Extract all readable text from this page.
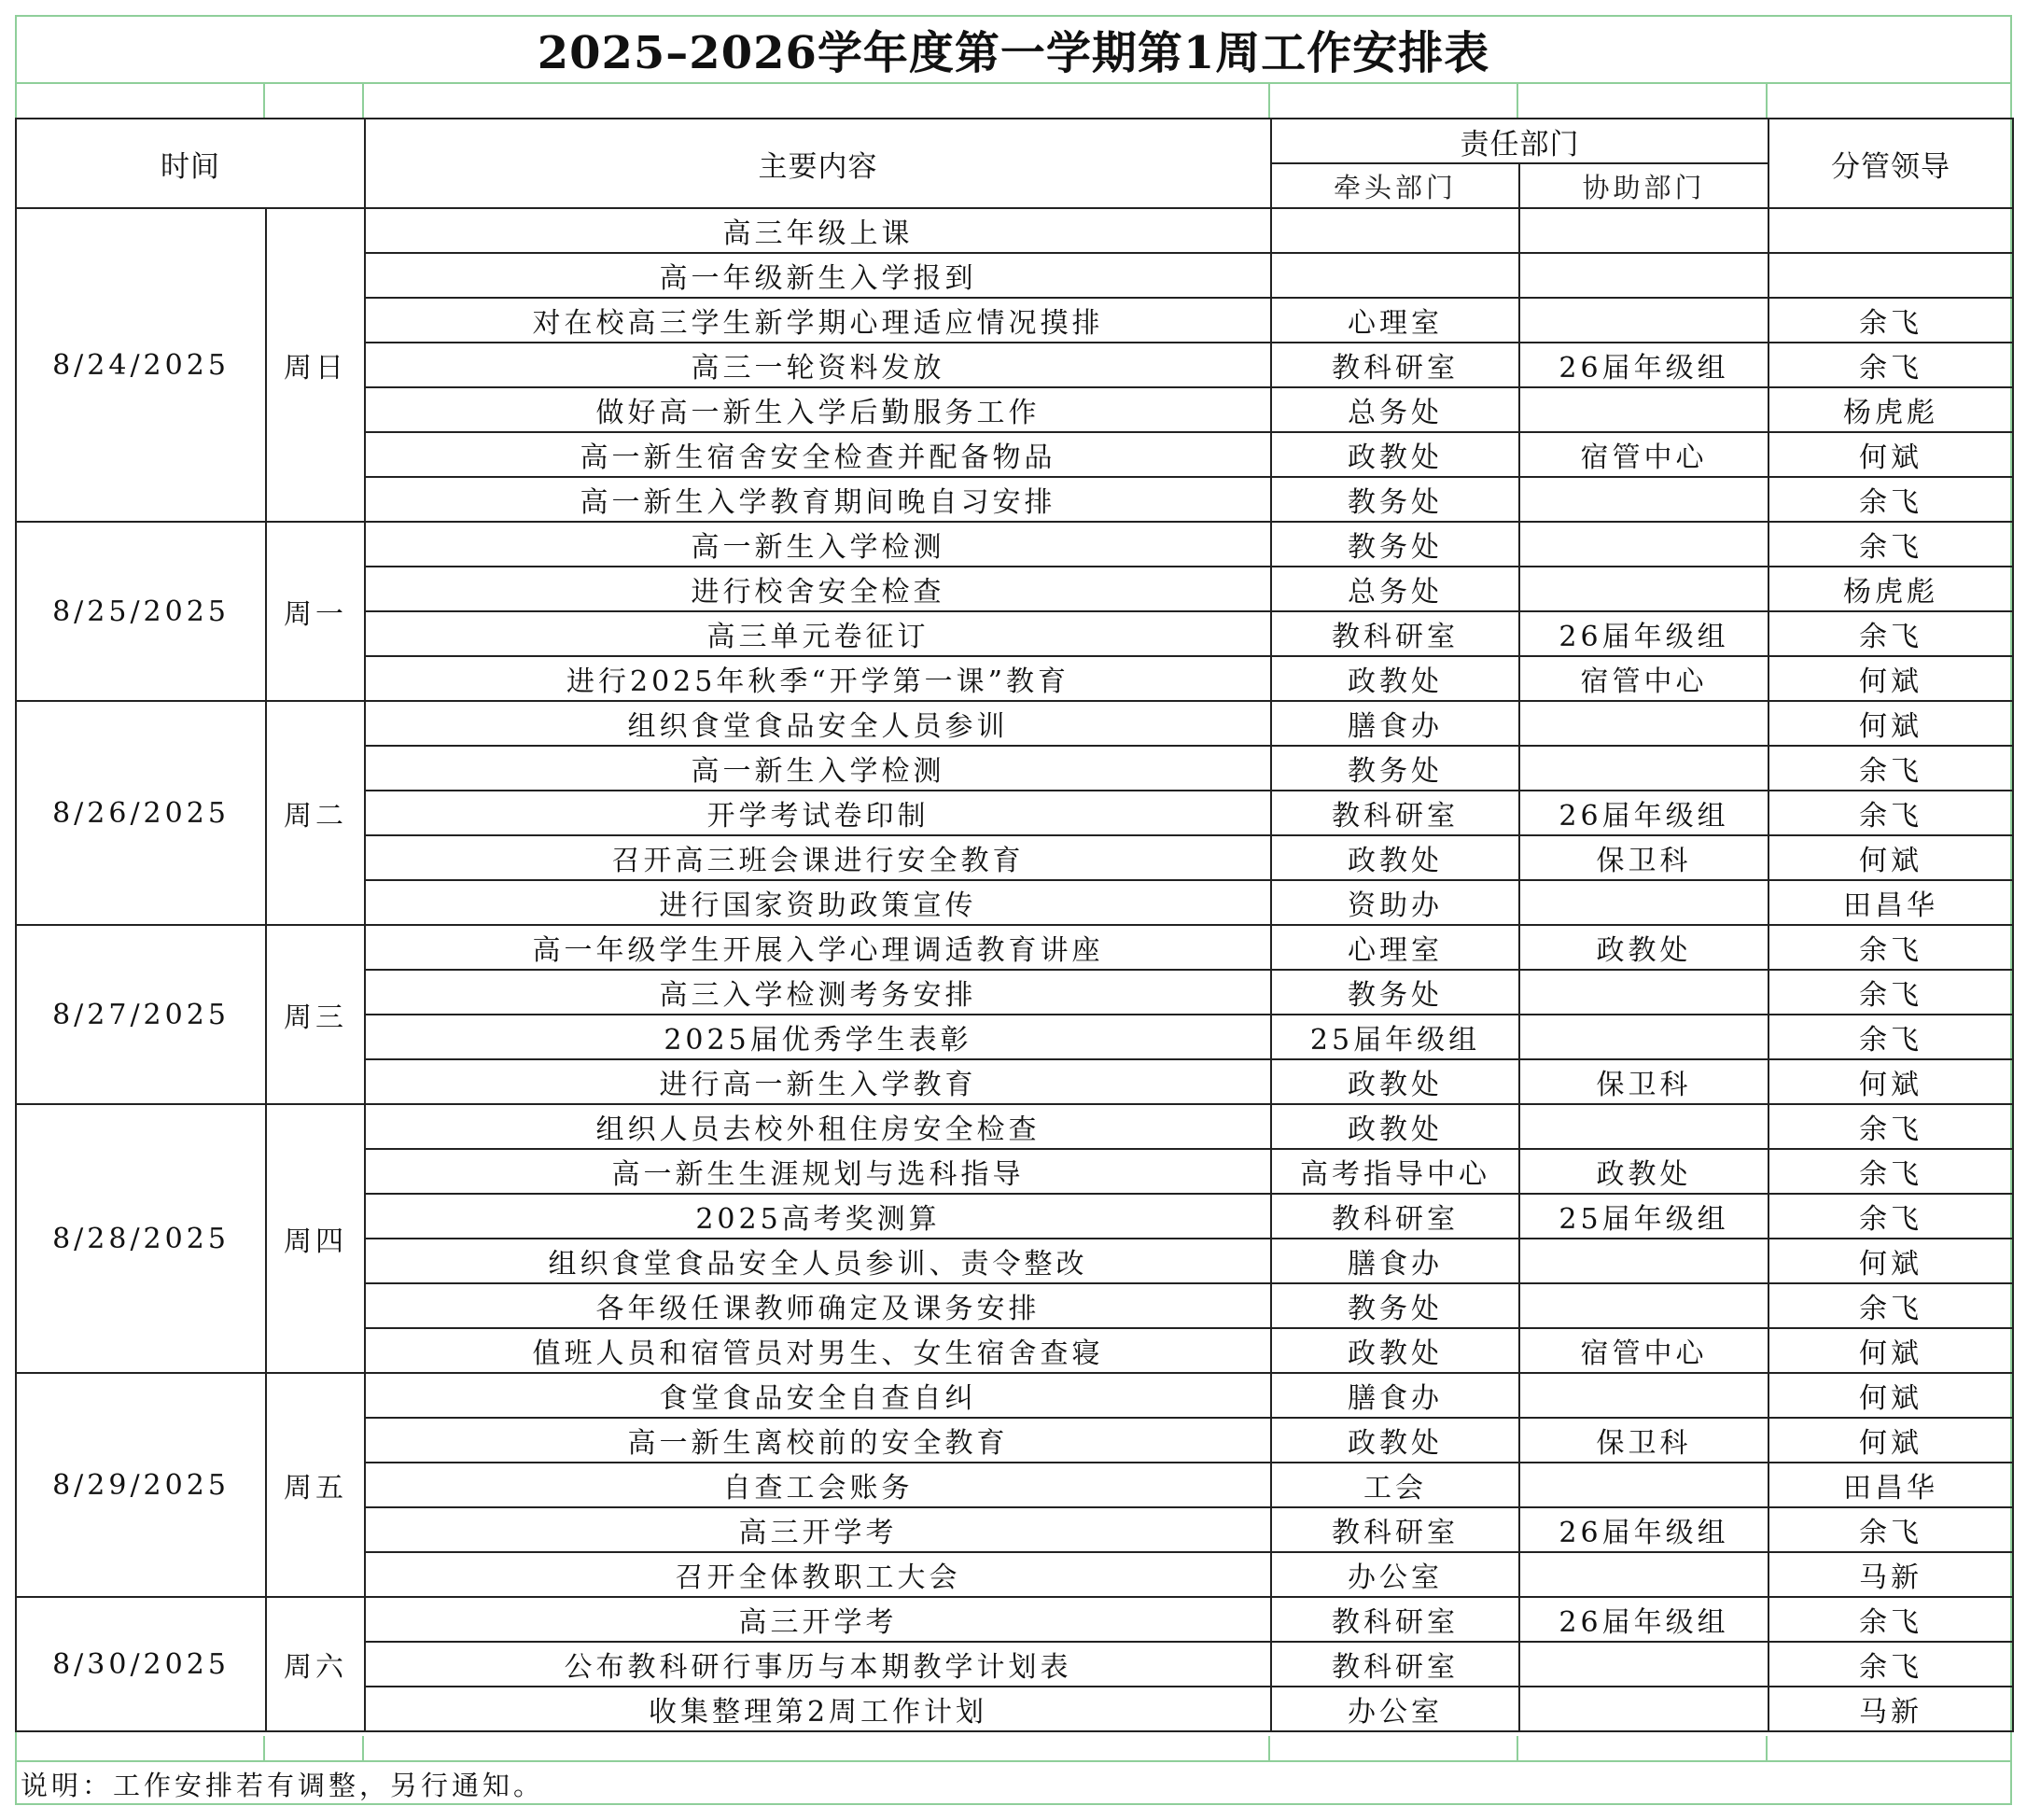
2025–2026学年度第一学期第1周工作安排表
时间		主要内容	责任部门		分管领导
			牵头部门	协助部门	
8/24/2025	周日	高三年级上课			
		高一年级新生入学报到			
		对在校高三学生新学期心理适应情况摸排	心理室		余飞
		高三一轮资料发放	教科研室	26届年级组	余飞
		做好高一新生入学后勤服务工作	总务处		杨虎彪
		高一新生宿舍安全检查并配备物品	政教处	宿管中心	何斌
		高一新生入学教育期间晚自习安排	教务处		余飞
8/25/2025	周一	高一新生入学检测	教务处		余飞
		进行校舍安全检查	总务处		杨虎彪
		高三单元卷征订	教科研室	26届年级组	余飞
		进行2025年秋季“开学第一课”教育	政教处	宿管中心	何斌
8/26/2025	周二	组织食堂食品安全人员参训	膳食办		何斌
		高一新生入学检测	教务处		余飞
		开学考试卷印制	教科研室	26届年级组	余飞
		召开高三班会课进行安全教育	政教处	保卫科	何斌
		进行国家资助政策宣传	资助办		田昌华
8/27/2025	周三	高一年级学生开展入学心理调适教育讲座	心理室	政教处	余飞
		高三入学检测考务安排	教务处		余飞
		2025届优秀学生表彰	25届年级组		余飞
		进行高一新生入学教育	政教处	保卫科	何斌
8/28/2025	周四	组织人员去校外租住房安全检查	政教处		余飞
		高一新生生涯规划与选科指导	高考指导中心	政教处	余飞
		2025高考奖测算	教科研室	25届年级组	余飞
		组织食堂食品安全人员参训、责令整改	膳食办		何斌
		各年级任课教师确定及课务安排	教务处		余飞
		值班人员和宿管员对男生、女生宿舍查寝	政教处	宿管中心	何斌
8/29/2025	周五	食堂食品安全自查自纠	膳食办		何斌
		高一新生离校前的安全教育	政教处	保卫科	何斌
		自查工会账务	工会		田昌华
		高三开学考	教科研室	26届年级组	余飞
		召开全体教职工大会	办公室		马新
8/30/2025	周六	高三开学考	教科研室	26届年级组	余飞
		公布教科研行事历与本期教学计划表	教科研室		余飞
		收集整理第2周工作计划	办公室		马新
说明：工作安排若有调整，另行通知。
